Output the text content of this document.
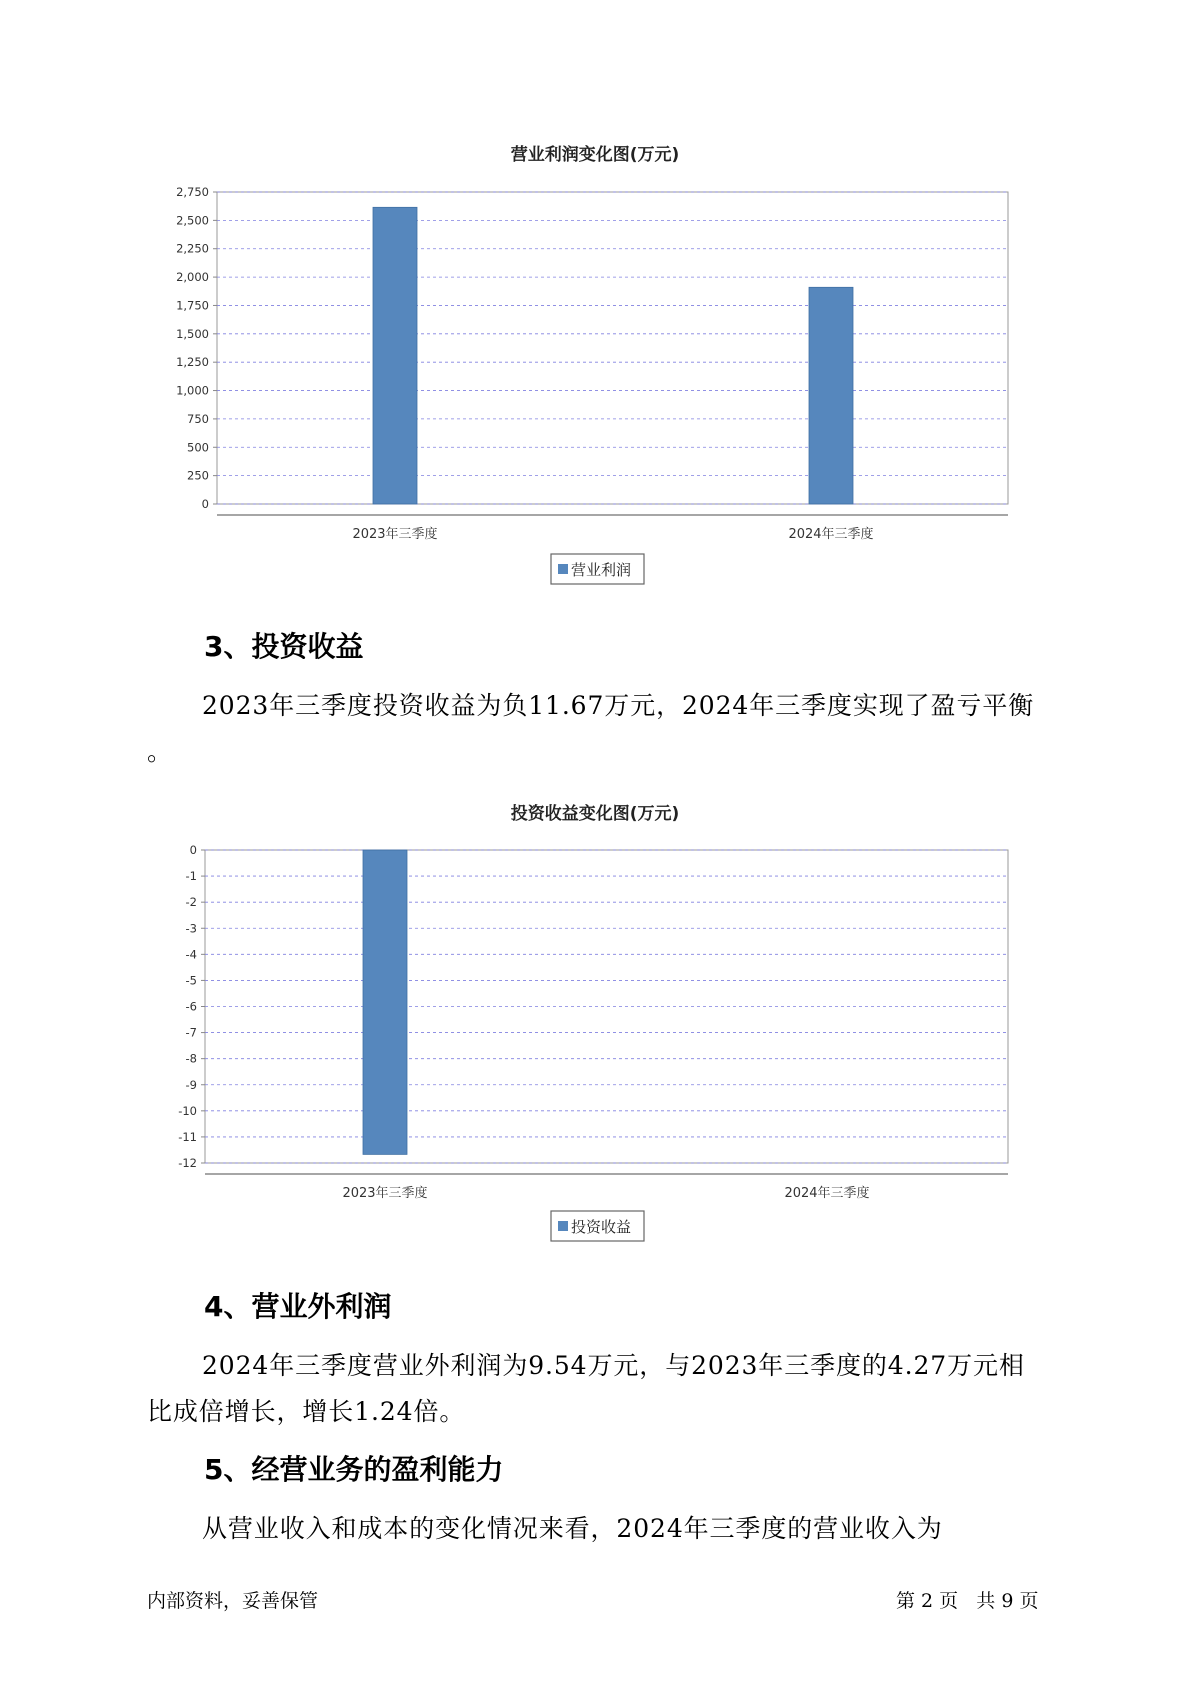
营业利润变化图(万元)
0
250
500
750
1,000
1,250
1,500
1,750
2,000
2,250
2,500
2,750
2023年三季度	2024年三季度
营业利润
3、投资收益

2023年三季度投资收益为负11.67万元，2024年三季度实现了盈亏平衡

。

投资收益变化图(万元)
0
-1
-2
-3
-4
-5
-6
-7
-8
-9
-10
-11
-12
2023年三季度	2024年三季度
投资收益
4、营业外利润

2024年三季度营业外利润为9.54万元，与2023年三季度的4.27万元相

比成倍增长，增长1.24倍。

5、经营业务的盈利能力

从营业收入和成本的变化情况来看，2024年三季度的营业收入为

内部资料，妥善保管	第 2 页   共 9 页
